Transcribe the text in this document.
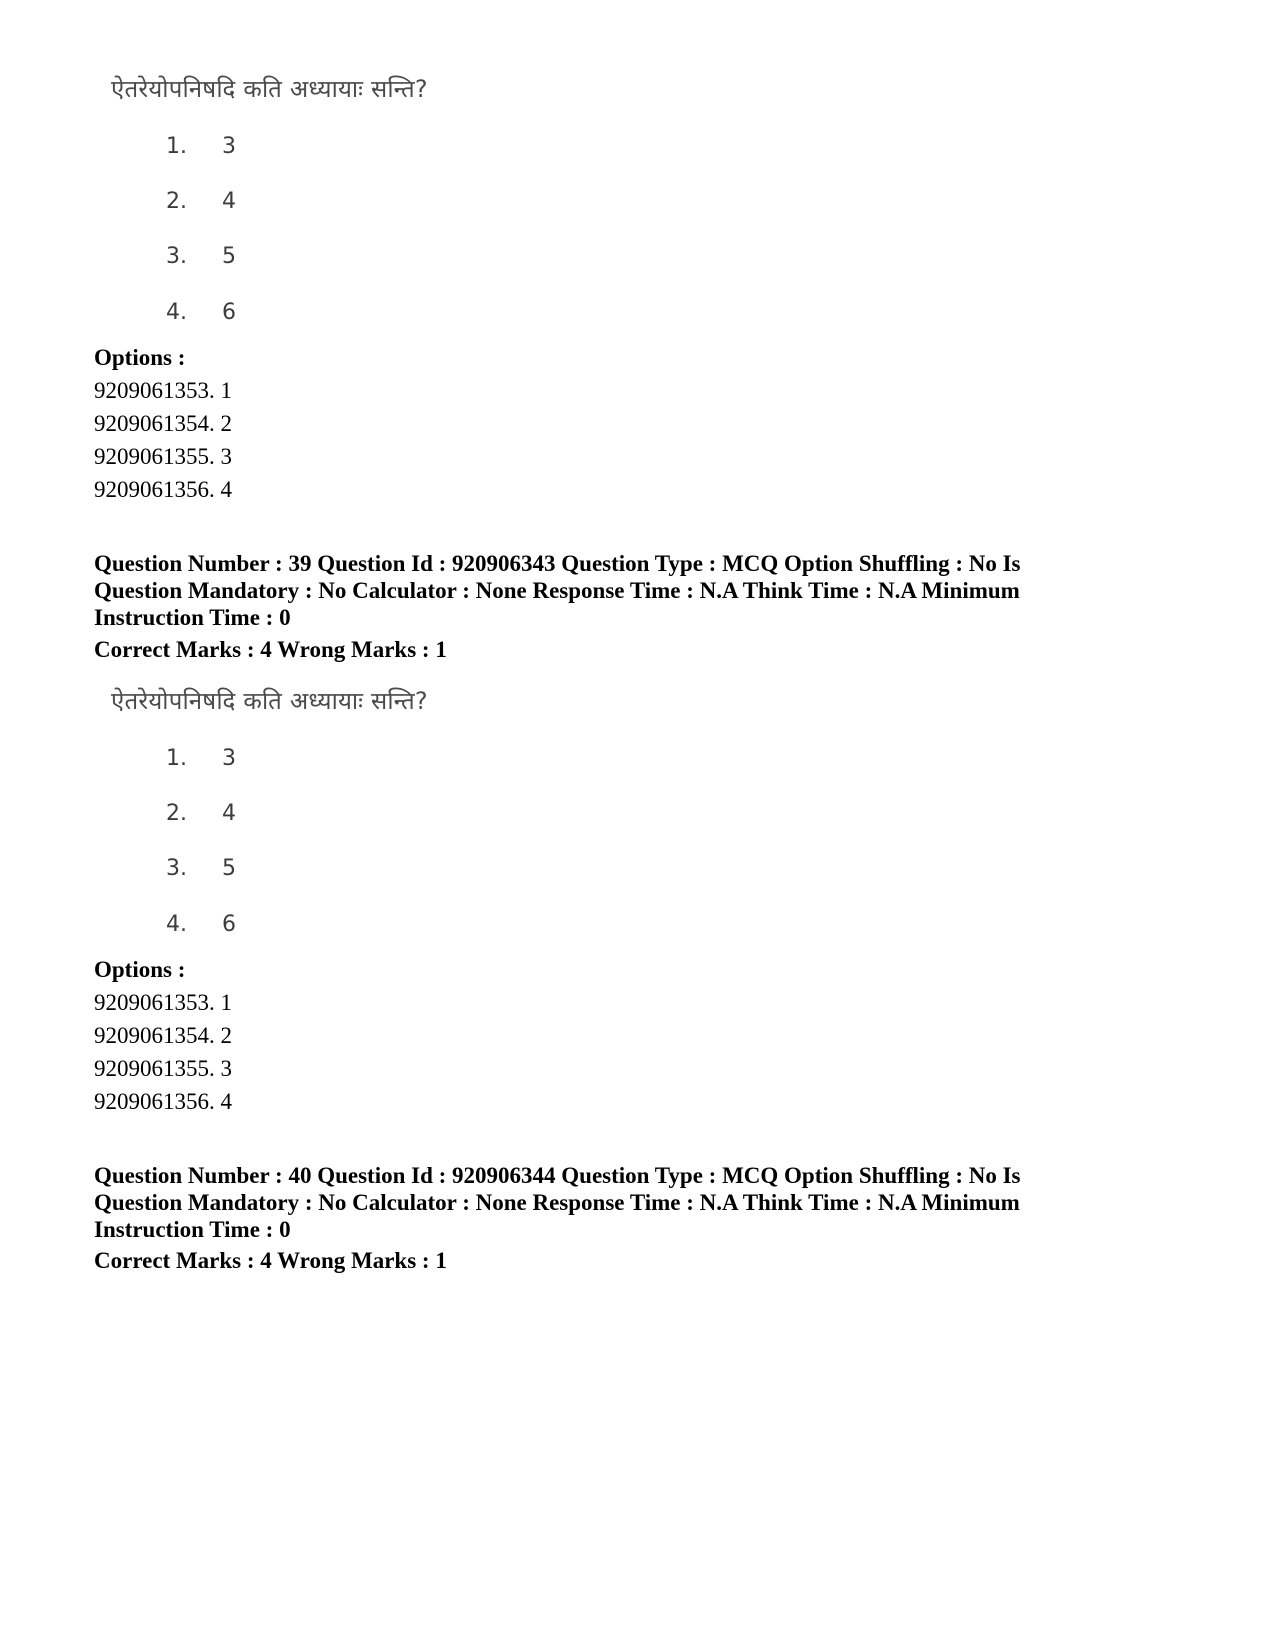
ऐतरेयोपनिषदि कति अध्यायाः सन्ति?
1. 3
2. 4
3. 5
4. 6
Options :
9209061353. 1
9209061354. 2
9209061355. 3
9209061356. 4
Question Number : 39 Question Id : 920906343 Question Type : MCQ Option Shuffling : No Is
Question Mandatory : No Calculator : None Response Time : N.A Think Time : N.A Minimum
Instruction Time : 0
Correct Marks : 4 Wrong Marks : 1
ऐतरेयोपनिषदि कति अध्यायाः सन्ति?
1. 3
2. 4
3. 5
4. 6
Options :
9209061353. 1
9209061354. 2
9209061355. 3
9209061356. 4
Question Number : 40 Question Id : 920906344 Question Type : MCQ Option Shuffling : No Is
Question Mandatory : No Calculator : None Response Time : N.A Think Time : N.A Minimum
Instruction Time : 0
Correct Marks : 4 Wrong Marks : 1
